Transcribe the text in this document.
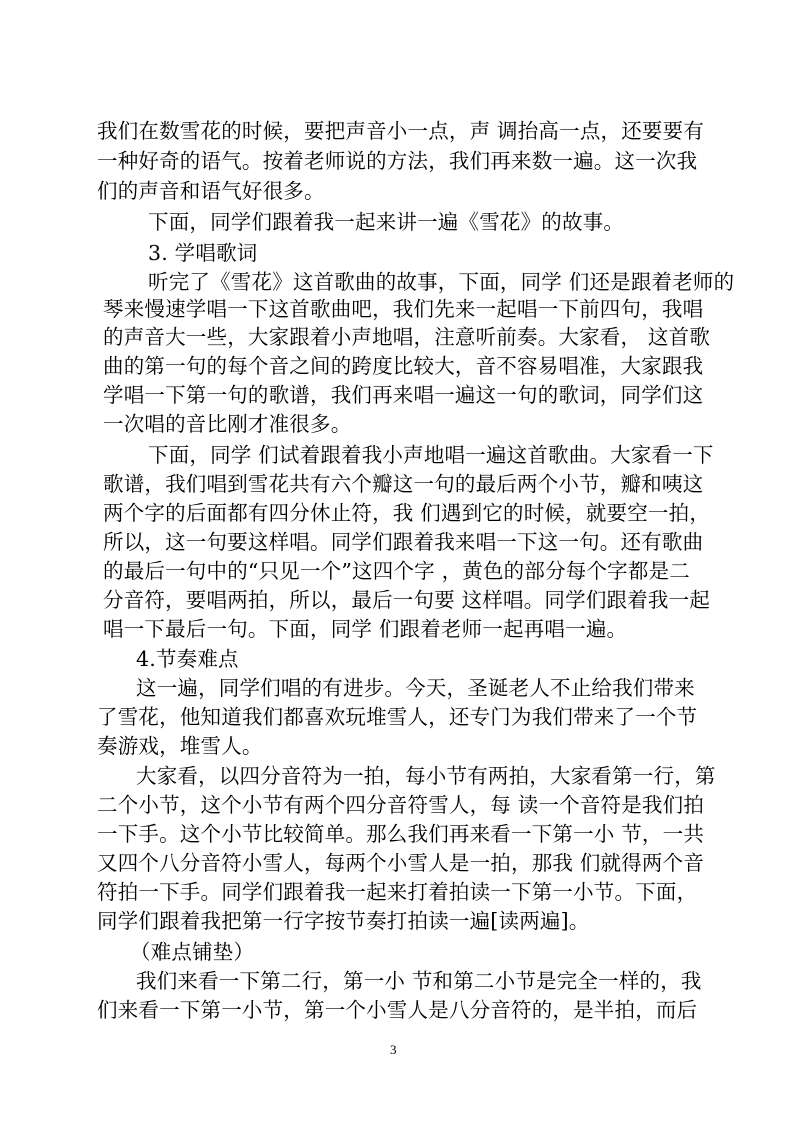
我们在数雪花的时候，要把声音小一点，声 调抬高一点，还要要有
一种好奇的语气。按着老师说的方法，我们再来数一遍。这一次我
们的声音和语气好很多。
下面，同学们跟着我一起来讲一遍《雪花》的故事。
3. 学唱歌词
听完了《雪花》这首歌曲的故事，下面，同学 们还是跟着老师的
琴来慢速学唱一下这首歌曲吧，我们先来一起唱一下前四句，我唱
的声音大一些，大家跟着小声地唱，注意听前奏。大家看， 这首歌
曲的第一句的每个音之间的跨度比较大，音不容易唱准，大家跟我
学唱一下第一句的歌谱，我们再来唱一遍这一句的歌词，同学们这
一次唱的音比刚才准很多。
下面，同学 们试着跟着我小声地唱一遍这首歌曲。大家看一下
歌谱，我们唱到雪花共有六个瓣这一句的最后两个小节，瓣和咦这
两个字的后面都有四分休止符，我 们遇到它的时候，就要空一拍，
所以，这一句要这样唱。同学们跟着我来唱一下这一句。还有歌曲
的最后一句中的“只见一个”这四个字 ，黄色的部分每个字都是二
分音符，要唱两拍，所以，最后一句要 这样唱。同学们跟着我一起
唱一下最后一句。下面，同学 们跟着老师一起再唱一遍。
4.节奏难点
这一遍，同学们唱的有进步。今天，圣诞老人不止给我们带来
了雪花，他知道我们都喜欢玩堆雪人，还专门为我们带来了一个节
奏游戏，堆雪人。
大家看，以四分音符为一拍，每小节有两拍，大家看第一行，第
二个小节，这个小节有两个四分音符雪人，每 读一个音符是我们拍
一下手。这个小节比较简单。那么我们再来看一下第一小 节，一共
又四个八分音符小雪人，每两个小雪人是一拍，那我 们就得两个音
符拍一下手。同学们跟着我一起来打着拍读一下第一小节。下面，
同学们跟着我把第一行字按节奏打拍读一遍[读两遍]。
（难点铺垫）
我们来看一下第二行，第一小 节和第二小节是完全一样的，我
们来看一下第一小节，第一个小雪人是八分音符的，是半拍，而后
3
